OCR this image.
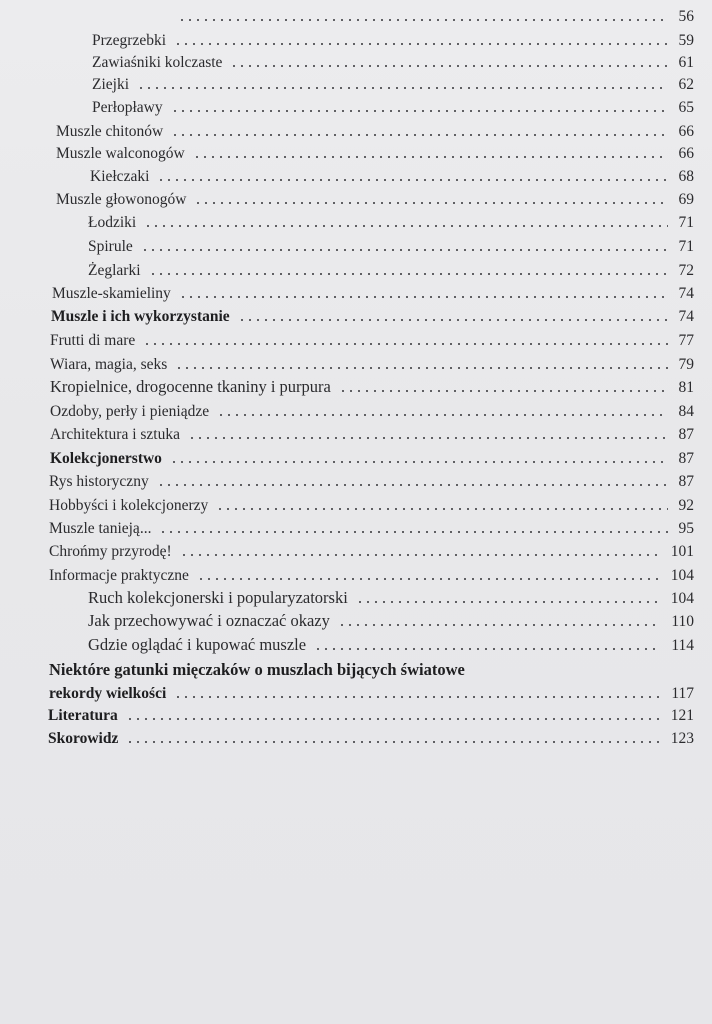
56
Przegrzebki	59
Zawiaśniki kolczaste	61
Ziejki	62
Perłopławy	65
Muszle chitonów	66
Muszle walconogów	66
Kiełczaki	68
Muszle głowonogów	69
Łodziki	71
Spirule	71
Żeglarki	72
Muszle-skamieliny	74
Muszle i ich wykorzystanie	74
Frutti di mare	77
Wiara, magia, seks	79
Kropielnice, drogocenne tkaniny i purpura	81
Ozdoby, perły i pieniądze	84
Architektura i sztuka	87
Kolekcjonerstwo	87
Rys historyczny	87
Hobbyści i kolekcjonerzy	92
Muszle tanieją...	95
Chrońmy przyrodę!	101
Informacje praktyczne	104
Ruch kolekcjonerski i popularyzatorski	104
Jak przechowywać i oznaczać okazy	110
Gdzie oglądać i kupować muszle	114
Niektóre gatunki mięczaków o muszlach bijących światowe
rekordy wielkości	117
Literatura	121
Skorowidz	123
